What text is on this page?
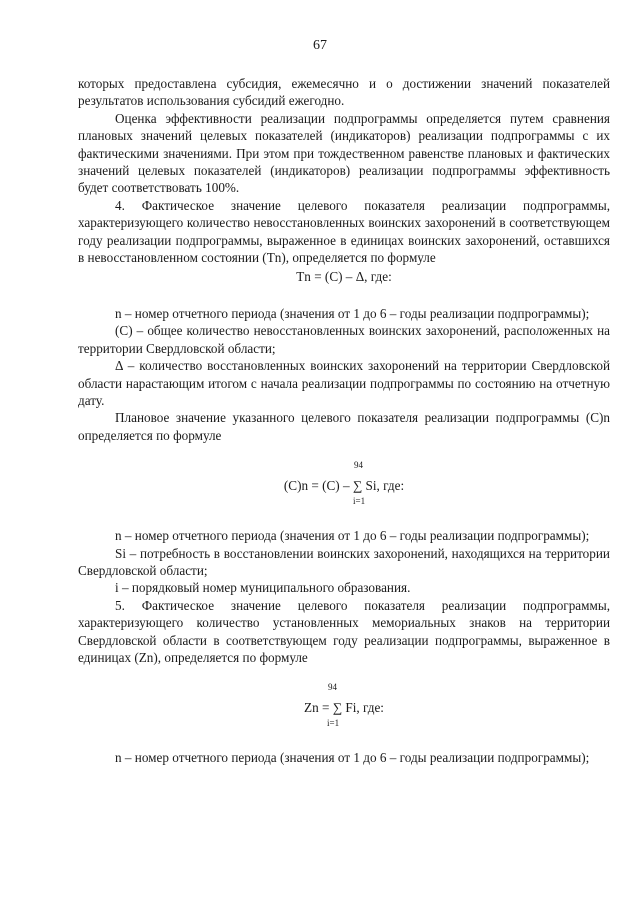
67

которых предоставлена субсидия, ежемесячно и о достижении значений показателей результатов использования субсидий ежегодно.

Оценка эффективности реализации подпрограммы определяется путем сравнения плановых значений целевых показателей (индикаторов) реализации подпрограммы с их фактическими значениями. При этом при тождественном равенстве плановых и фактических значений целевых показателей (индикаторов) реализации подпрограммы эффективность будет соответствовать 100%.

4. Фактическое значение целевого показателя реализации подпрограммы, характеризующего количество невосстановленных воинских захоронений в соответствующем году реализации подпрограммы, выраженное в единицах воинских захоронений, оставшихся в невосстановленном состоянии (Тn), определяется по формуле

Тn = (С) – Δ, где:

n – номер отчетного периода (значения от 1 до 6 – годы реализации подпрограммы);

(С) – общее количество невосстановленных воинских захоронений, расположенных на территории Свердловской области;

Δ – количество восстановленных воинских захоронений на территории Свердловской области нарастающим итогом с начала реализации подпрограммы по состоянию на отчетную дату.

Плановое значение указанного целевого показателя реализации подпрограммы (С)n определяется по формуле

94
(С)n = (С) – ∑ Si, где:
i=1

n – номер отчетного периода (значения от 1 до 6 – годы реализации подпрограммы);

Si – потребность в восстановлении воинских захоронений, находящихся на территории Свердловской области;

i – порядковый номер муниципального образования.

5. Фактическое значение целевого показателя реализации подпрограммы, характеризующего количество установленных мемориальных знаков на территории Свердловской области в соответствующем году реализации подпрограммы, выраженное в единицах (Zn), определяется по формуле

94
Zn = ∑ Fi, где:
i=1

n – номер отчетного периода (значения от 1 до 6 – годы реализации подпрограммы);
